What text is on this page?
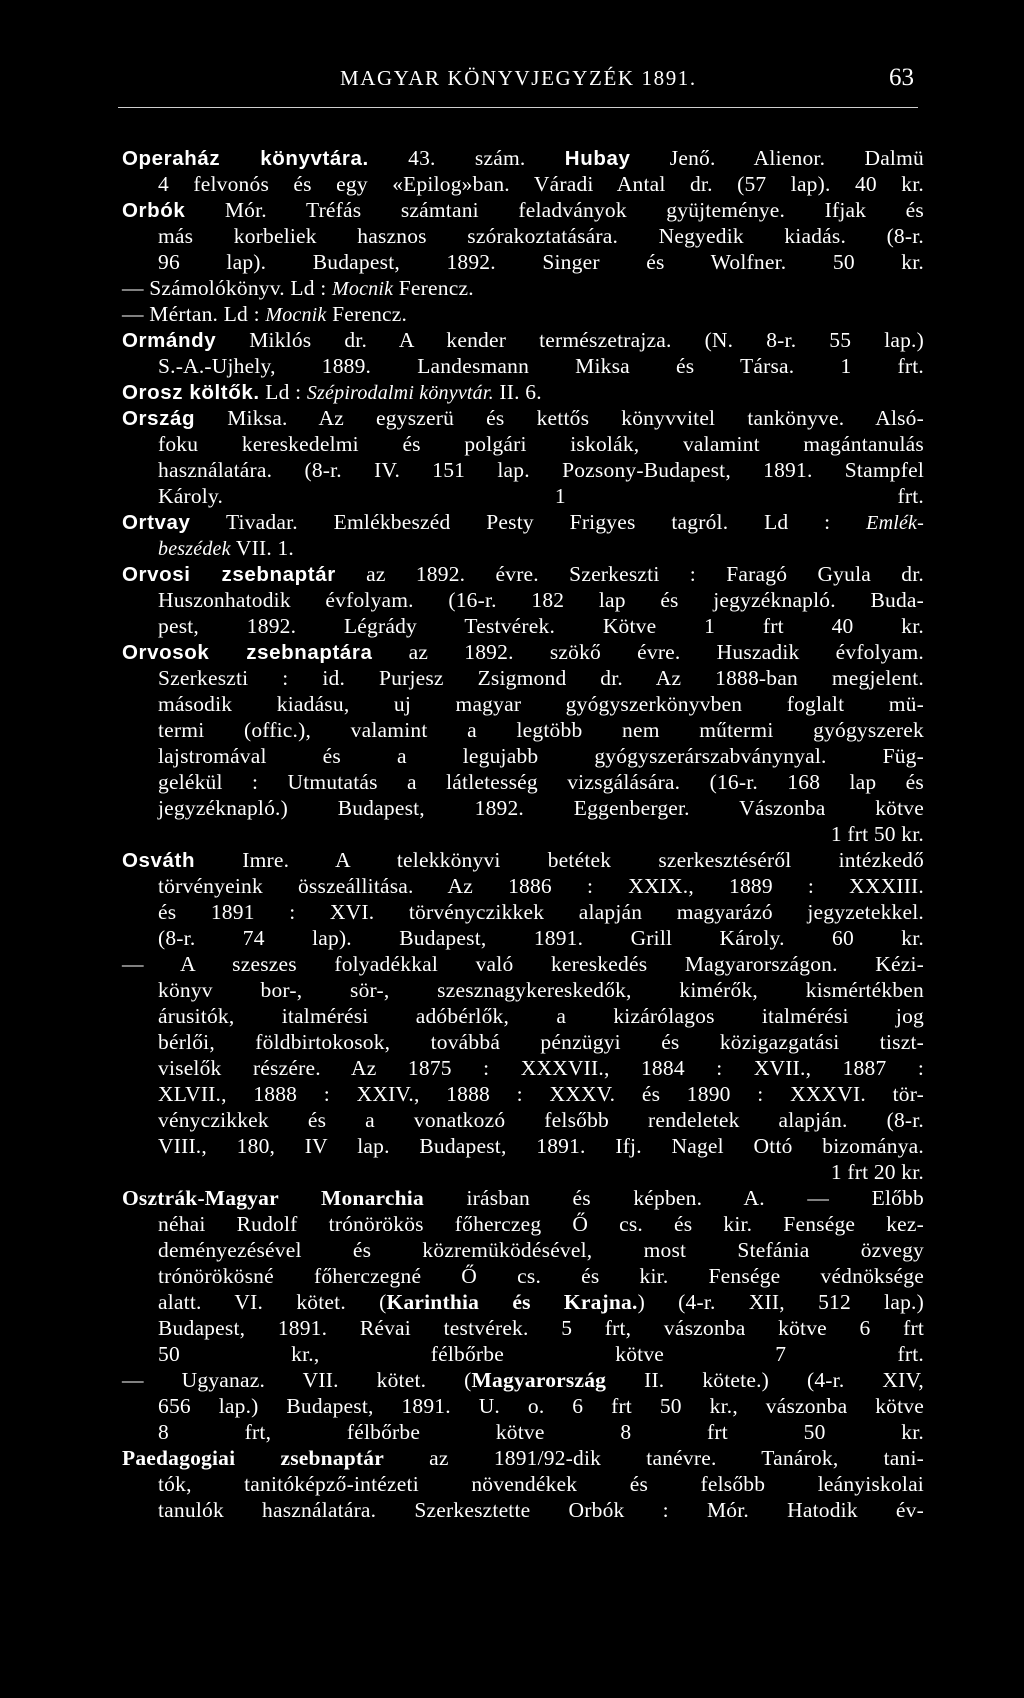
MAGYAR KÖNYVJEGYZÉK 1891.	63
Operaház könyvtára. 43. szám. Hubay Jenő. Alienor. Dalmü
4 felvonós és egy «Epilog»ban. Váradi Antal dr. (57 lap). 40 kr.
Orbók Mór. Tréfás számtani feladványok gyüjteménye. Ifjak és
más korbeliek hasznos szórakoztatására. Negyedik kiadás. (8-r.
96 lap). Budapest, 1892. Singer és Wolfner. 50 kr.
— Számolókönyv. Ld : Mocnik Ferencz.
— Mértan. Ld : Mocnik Ferencz.
Ormándy Miklós dr. A kender természetrajza. (N. 8-r. 55 lap.)
S.-A.-Ujhely, 1889. Landesmann Miksa és Társa. 1 frt.
Orosz költők. Ld : Szépirodalmi könyvtár. II. 6.
Ország Miksa. Az egyszerü és kettős könyvvitel tankönyve. Alsó-
foku kereskedelmi és polgári iskolák, valamint magántanulás
használatára. (8-r. IV. 151 lap. Pozsony-Budapest, 1891. Stampfel
Károly. 1 frt.
Ortvay Tivadar. Emlékbeszéd Pesty Frigyes tagról. Ld : Emlék-
beszédek VII. 1.
Orvosi zsebnaptár az 1892. évre. Szerkeszti : Faragó Gyula dr.
Huszonhatodik évfolyam. (16-r. 182 lap és jegyzéknapló. Buda-
pest, 1892. Légrády Testvérek. Kötve 1 frt 40 kr.
Orvosok zsebnaptára az 1892. szökő évre. Huszadik évfolyam.
Szerkeszti : id. Purjesz Zsigmond dr. Az 1888-ban megjelent.
második kiadásu, uj magyar gyógyszerkönyvben foglalt mü-
termi (offic.), valamint a legtöbb nem műtermi gyógyszerek
lajstromával és a legujabb gyógyszerárszabványnyal. Füg-
gelékül : Utmutatás a látletesség vizsgálására. (16-r. 168 lap és
jegyzéknapló.) Budapest, 1892. Eggenberger. Vászonba kötve
1 frt 50 kr.
Osváth Imre. A telekkönyvi betétek szerkesztéséről intézkedő
törvényeink összeállitása. Az 1886 : XXIX., 1889 : XXXIII.
és 1891 : XVI. törvényczikkek alapján magyarázó jegyzetekkel.
(8-r. 74 lap). Budapest, 1891. Grill Károly. 60 kr.
— A szeszes folyadékkal való kereskedés Magyarországon. Kézi-
könyv bor-, sör-, szesznagykereskedők, kimérők, kismértékben
árusitók, italmérési adóbérlők, a kizárólagos italmérési jog
bérlői, földbirtokosok, továbbá pénzügyi és közigazgatási tiszt-
viselők részére. Az 1875 : XXXVII., 1884 : XVII., 1887 :
XLVII., 1888 : XXIV., 1888 : XXXV. és 1890 : XXXVI. tör-
vényczikkek és a vonatkozó felsőbb rendeletek alapján. (8-r.
VIII., 180, IV lap. Budapest, 1891. Ifj. Nagel Ottó bizománya.
1 frt 20 kr.
Osztrák-Magyar Monarchia irásban és képben. A. — Előbb
néhai Rudolf trónörökös főherczeg Ő cs. és kir. Fensége kez-
deményezésével és közremüködésével, most Stefánia özvegy
trónörökösné főherczegné Ő cs. és kir. Fensége védnöksége
alatt. VI. kötet. (Karinthia és Krajna.) (4-r. XII, 512 lap.)
Budapest, 1891. Révai testvérek. 5 frt, vászonba kötve 6 frt
50 kr., félbőrbe kötve 7 frt.
— Ugyanaz. VII. kötet. (Magyarország II. kötete.) (4-r. XIV,
656 lap.) Budapest, 1891. U. o. 6 frt 50 kr., vászonba kötve
8 frt, félbőrbe kötve 8 frt 50 kr.
Paedagogiai zsebnaptár az 1891/92-dik tanévre. Tanárok, tani-
tók, tanitóképző-intézeti növendékek és felsőbb leányiskolai
tanulók használatára. Szerkesztette Orbók : Mór. Hatodik év-
